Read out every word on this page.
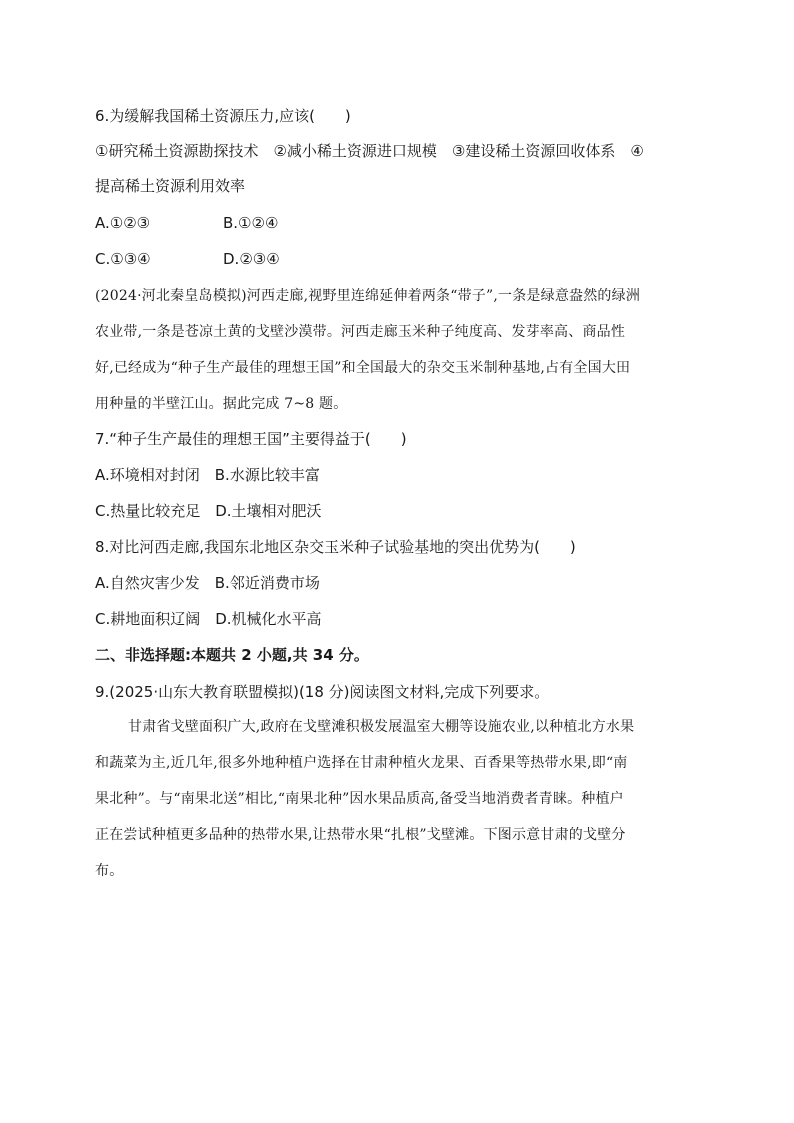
6.为缓解我国稀土资源压力,应该(　　)
①研究稀土资源勘探技术　②减小稀土资源进口规模　③建设稀土资源回收体系　④
提高稀土资源利用效率
A.①②③	B.①②④
C.①③④	D.②③④
(2024·河北秦皇岛模拟)河西走廊,视野里连绵延伸着两条“带子”,一条是绿意盎然的绿洲
农业带,一条是苍凉土黄的戈壁沙漠带。河西走廊玉米种子纯度高、发芽率高、商品性
好,已经成为“种子生产最佳的理想王国”和全国最大的杂交玉米制种基地,占有全国大田
用种量的半壁江山。据此完成 7~8 题。
7.“种子生产最佳的理想王国”主要得益于(　　)
A.环境相对封闭　B.水源比较丰富
C.热量比较充足　D.土壤相对肥沃
8.对比河西走廊,我国东北地区杂交玉米种子试验基地的突出优势为(　　)
A.自然灾害少发　B.邻近消费市场
C.耕地面积辽阔　D.机械化水平高
二、非选择题:本题共 2 小题,共 34 分。
9.(2025·山东大教育联盟模拟)(18 分)阅读图文材料,完成下列要求。
甘肃省戈壁面积广大,政府在戈壁滩积极发展温室大棚等设施农业,以种植北方水果
和蔬菜为主,近几年,很多外地种植户选择在甘肃种植火龙果、百香果等热带水果,即“南
果北种”。与“南果北送”相比,“南果北种”因水果品质高,备受当地消费者青睐。种植户
正在尝试种植更多品种的热带水果,让热带水果“扎根”戈壁滩。下图示意甘肃的戈壁分
布。
